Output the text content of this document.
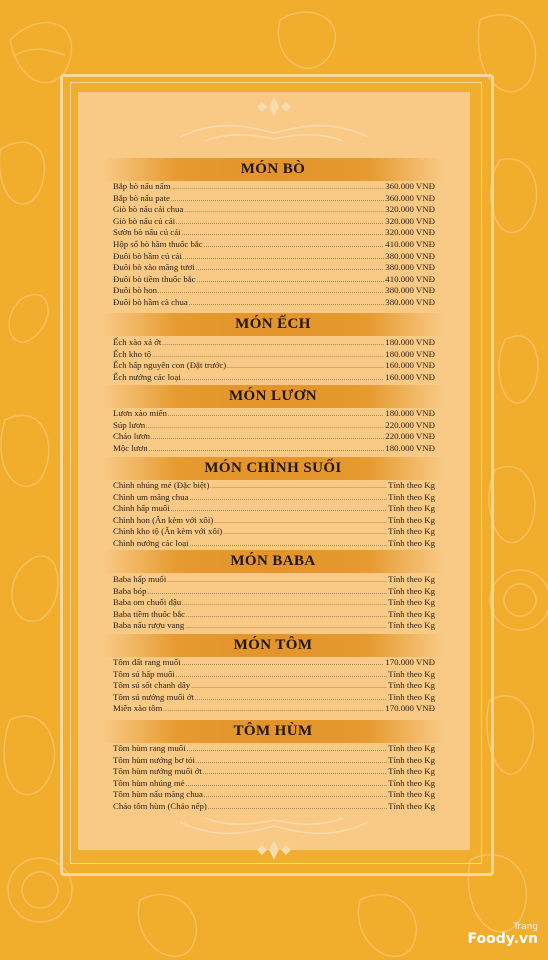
MÓN BÒ
Bắp bò nấu nấm .....	360.000 VNĐ
Bắp bò nấu pate .....	360.000 VNĐ
Giò bò nấu cải chua .....	320.000 VNĐ
Giò bò nấu củ cải .....	320.000 VNĐ
Sườn bò nấu củ cải .....	320.000 VNĐ
Hộp sổ bò hầm thuốc bắc .....	410.000 VNĐ
Đuôi bò hầm củ cải .....	380.000 VNĐ
Đuôi bò xào măng tươi .....	380.000 VNĐ
Đuôi bò tiềm thuốc bắc .....	410.000 VNĐ
Đuôi bò hon .....	380.000 VNĐ
Đuôi bò hầm cà chua .....	380.000 VNĐ
MÓN ẾCH
Ếch xào xả ớt .....	180.000 VNĐ
Ếch kho tộ .....	180.000 VNĐ
Ếch hấp nguyên con (Đặt trước) .....	160.000 VNĐ
Ếch nướng các loại .....	160.000 VNĐ
MÓN LƯƠN
Lươn xào miến .....	180.000 VNĐ
Súp lươn .....	220.000 VNĐ
Cháo lươn .....	220.000 VNĐ
Mộc lươn .....	180.000 VNĐ
MÓN CHÌNH SUỐI
Chình nhúng mẻ (Đặc biệt) .....	Tính theo Kg
Chình um măng chua .....	Tính theo Kg
Chình hấp muối .....	Tính theo Kg
Chình hon (Ăn kèm với xôi) .....	Tính theo Kg
Chình kho tộ (Ăn kèm với xôi) .....	Tính theo Kg
Chình nướng các loại .....	Tính theo Kg
MÓN BABA
Baba hấp muối .....	Tính theo Kg
Baba bóp .....	Tính theo Kg
Baba om chuối đậu .....	Tính theo Kg
Baba tiềm thuốc bắc .....	Tính theo Kg
Baba nấu rượu vang .....	Tính theo Kg
MÓN TÔM
Tôm đất rang muối .....	170.000 VNĐ
Tôm sú hấp muối .....	Tính theo Kg
Tôm sú sốt chanh dây .....	Tính theo Kg
Tôm sú nướng muối ớt .....	Tính theo Kg
Miến xào tôm .....	170.000 VNĐ
TÔM HÙM
Tôm hùm rang muối .....	Tính theo Kg
Tôm hùm nướng bơ tỏi .....	Tính theo Kg
Tôm hùm nướng muối ớt .....	Tính theo Kg
Tôm hùm nhúng mẻ .....	Tính theo Kg
Tôm hùm nấu măng chua .....	Tính theo Kg
Cháo tôm hùm (Cháo nếp) .....	Tính theo Kg
Trang
Foody.vn
